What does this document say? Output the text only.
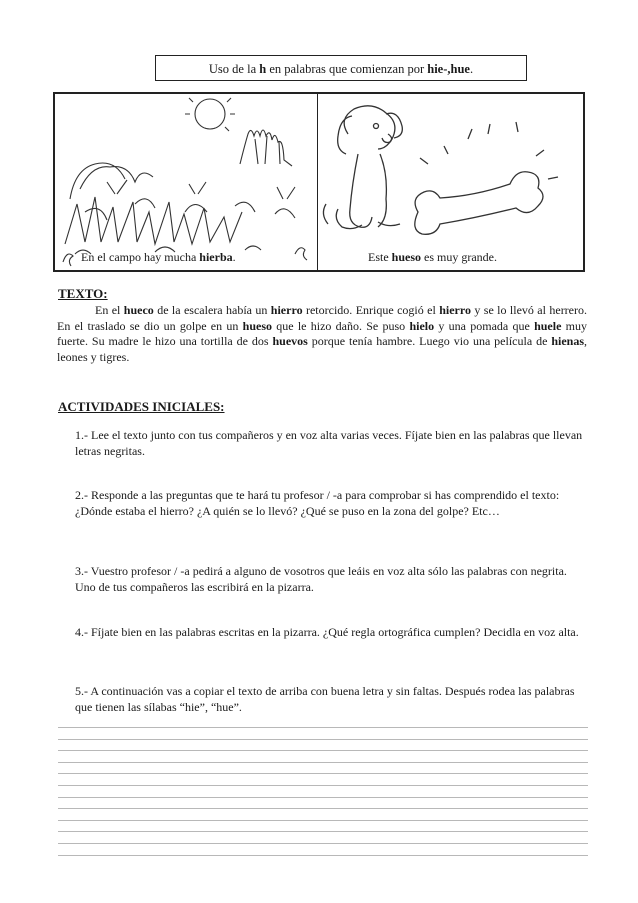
Uso de la h en palabras que comienzan por hie-,hue.
En el campo hay mucha hierba.	Este hueso es muy grande.
TEXTO:
En el hueco de la escalera había un hierro retorcido. Enrique cogió el hierro y se lo llevó al herrero. En el traslado se dio un golpe en un hueso que le hizo daño. Se puso hielo y una pomada que huele muy fuerte. Su madre le hizo una tortilla de dos huevos porque tenía hambre. Luego vio una película de hienas, leones y tigres.
ACTIVIDADES INICIALES:

1.- Lee el texto junto con tus compañeros y en voz alta varias veces. Fíjate bien en las palabras que llevan letras negritas.

2.- Responde a las preguntas que te hará tu profesor / -a para comprobar si has comprendido el texto: ¿Dónde estaba el hierro? ¿A quién se lo llevó? ¿Qué se puso en la zona del golpe? Etc…

3.- Vuestro profesor / -a pedirá a alguno de vosotros que leáis en voz alta sólo las palabras con negrita. Uno de tus compañeros las escribirá en la pizarra.

4.- Fíjate bien en las palabras escritas en la pizarra. ¿Qué regla ortográfica cumplen? Decidla en voz alta.

5.- A continuación vas a copiar el texto de arriba con buena letra y sin faltas. Después rodea las palabras que tienen las sílabas “hie”, “hue”.
